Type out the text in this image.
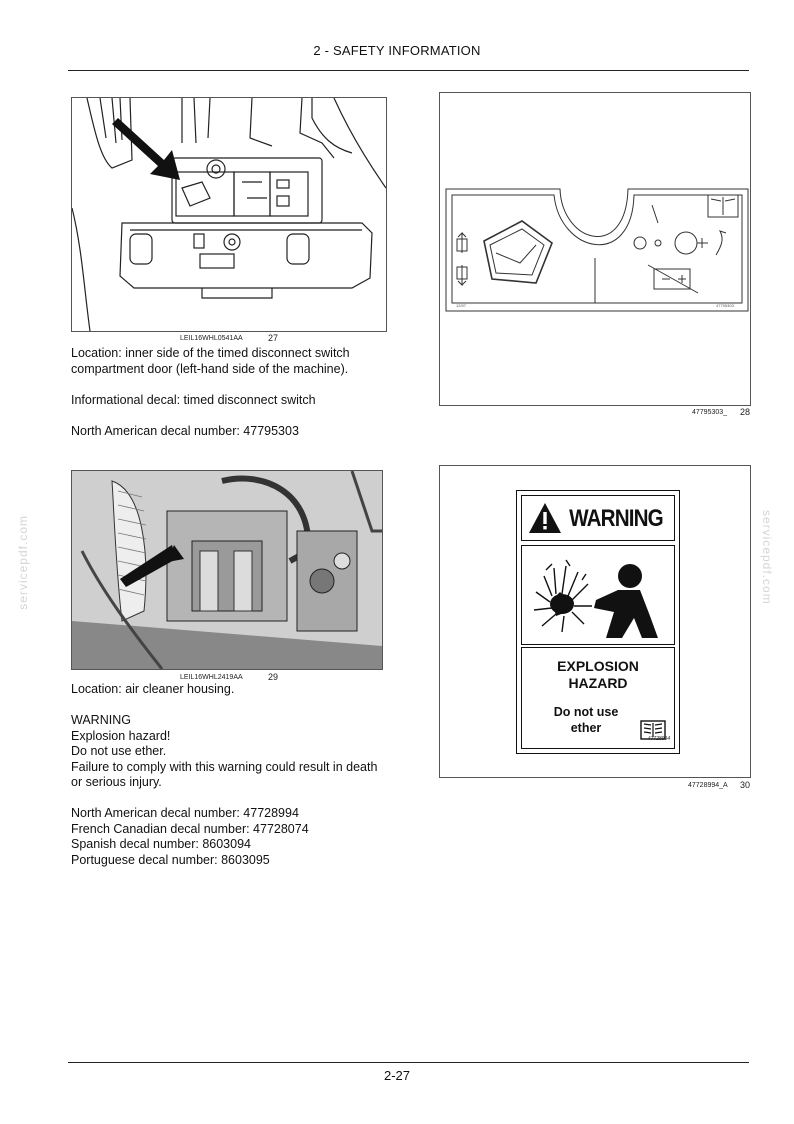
2 - SAFETY INFORMATION
servicepdf.com	servicepdf.com
LEIL16WHL0541AA	27
Location: inner side of the timed disconnect switch
compartment door (left-hand side of the machine).
Informational decal: timed disconnect switch
North American decal number: 47795303
12/97	47795303
47795303_ 28
LEIL16WHL2419AA	29
Location: air cleaner housing.
WARNING
Explosion hazard!
Do not use ether.
Failure to comply with this warning could result in death
or serious injury.
North American decal number: 47728994
French Canadian decal number: 47728074
Spanish decal number: 8603094
Portuguese decal number: 8603095
WARNING
EXPLOSION
HAZARD
Do not use
ether
47728994
47728994_A 30
2-27
